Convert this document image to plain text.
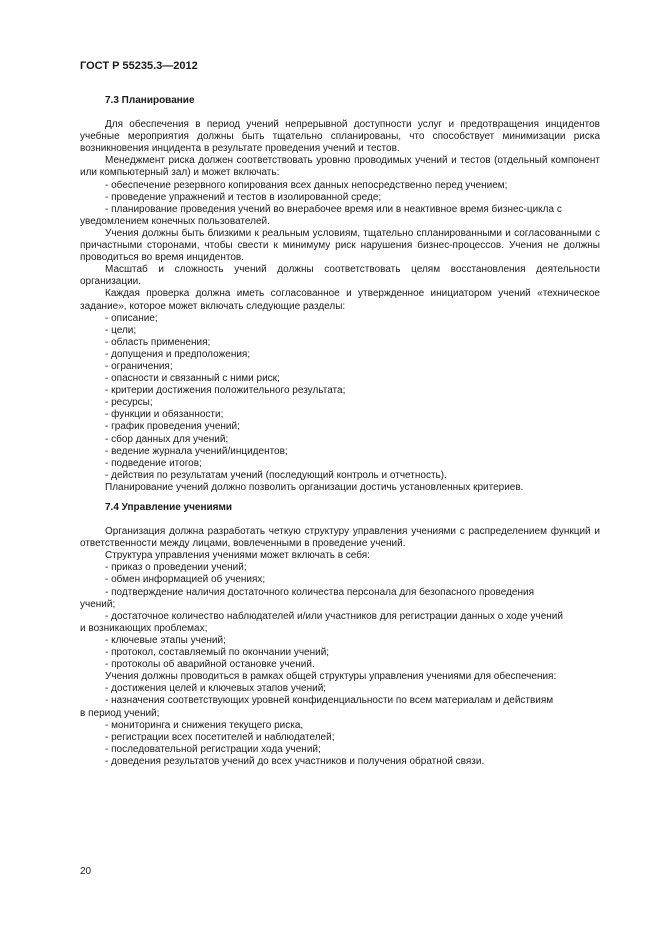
ГОСТ Р 55235.3—2012
7.3 Планирование

Для обеспечения в период учений непрерывной доступности услуг и предотвращения инцидентов учебные мероприятия должны быть тщательно спланированы, что способствует минимизации риска возникновения инцидента в результате проведения учений и тестов.

Менеджмент риска должен соответствовать уровню проводимых учений и тестов (отдельный компонент или компьютерный зал) и может включать:

- обеспечение резервного копирования всех данных непосредственно перед учением;
- проведение упражнений и тестов в изолированной среде;
- планирование проведения учений во внерабочее время или в неактивное время бизнес-цикла с
уведомлением конечных пользователей.

Учения должны быть близкими к реальным условиям, тщательно спланированными и согласованными с причастными сторонами, чтобы свести к минимуму риск нарушения бизнес-процессов. Учения не должны проводиться во время инцидентов.

Масштаб и сложность учений должны соответствовать целям восстановления деятельности организации.

Каждая проверка должна иметь согласованное и утвержденное инициатором учений «техническое задание», которое может включать следующие разделы:

- описание;
- цели;
- область применения;
- допущения и предположения;
- ограничения;
- опасности и связанный с ними риск;
- критерии достижения положительного результата;
- ресурсы;
- функции и обязанности;
- график проведения учений;
- сбор данных для учений;
- ведение журнала учений/инцидентов;
- подведение итогов;
- действия по результатам учений (последующий контроль и отчетность).

Планирование учений должно позволить организации достичь установленных критериев.

7.4 Управление учениями

Организация должна разработать четкую структуру управления учениями с распределением функций и ответственности между лицами, вовлеченными в проведение учений.

Структура управления учениями может включать в себя:

- приказ о проведении учений;
- обмен информацией об учениях;
- подтверждение наличия достаточного количества персонала для безопасного проведения
учений;
- достаточное количество наблюдателей и/или участников для регистрации данных о ходе учений
и возникающих проблемах;
- ключевые этапы учений;
- протокол, составляемый по окончании учений;
- протоколы об аварийной остановке учений.

Учения должны проводиться в рамках общей структуры управления учениями для обеспечения:

- достижения целей и ключевых этапов учений;
- назначения соответствующих уровней конфиденциальности по всем материалам и действиям
в период учений;
- мониторинга и снижения текущего риска,
- регистрации всех посетителей и наблюдателей;
- последовательной регистрации хода учений;
- доведения результатов учений до всех участников и получения обратной связи.
20
